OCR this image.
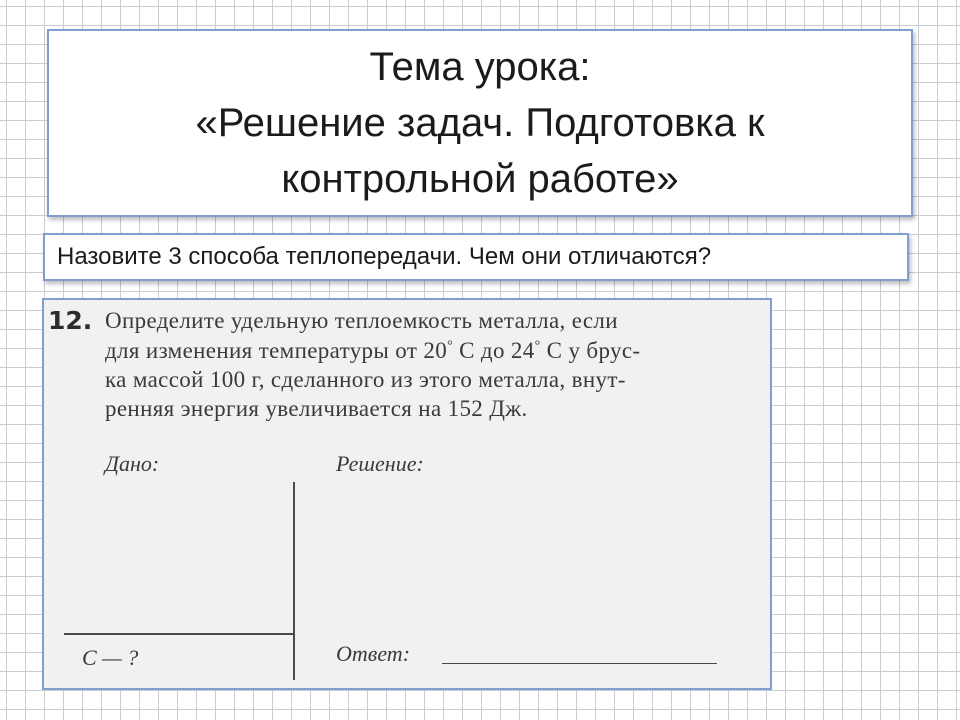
Тема урока:
«Решение задач. Подготовка к
контрольной работе»
Назовите 3 способа теплопередачи. Чем они отличаются?
12. Определите удельную теплоемкость металла, если
для изменения температуры от 20° С до 24° С у брус-
ка массой 100 г, сделанного из этого металла, внут-
ренняя энергия увеличивается на 152 Дж.
Дано:	Решение:
C — ?	Ответ:
